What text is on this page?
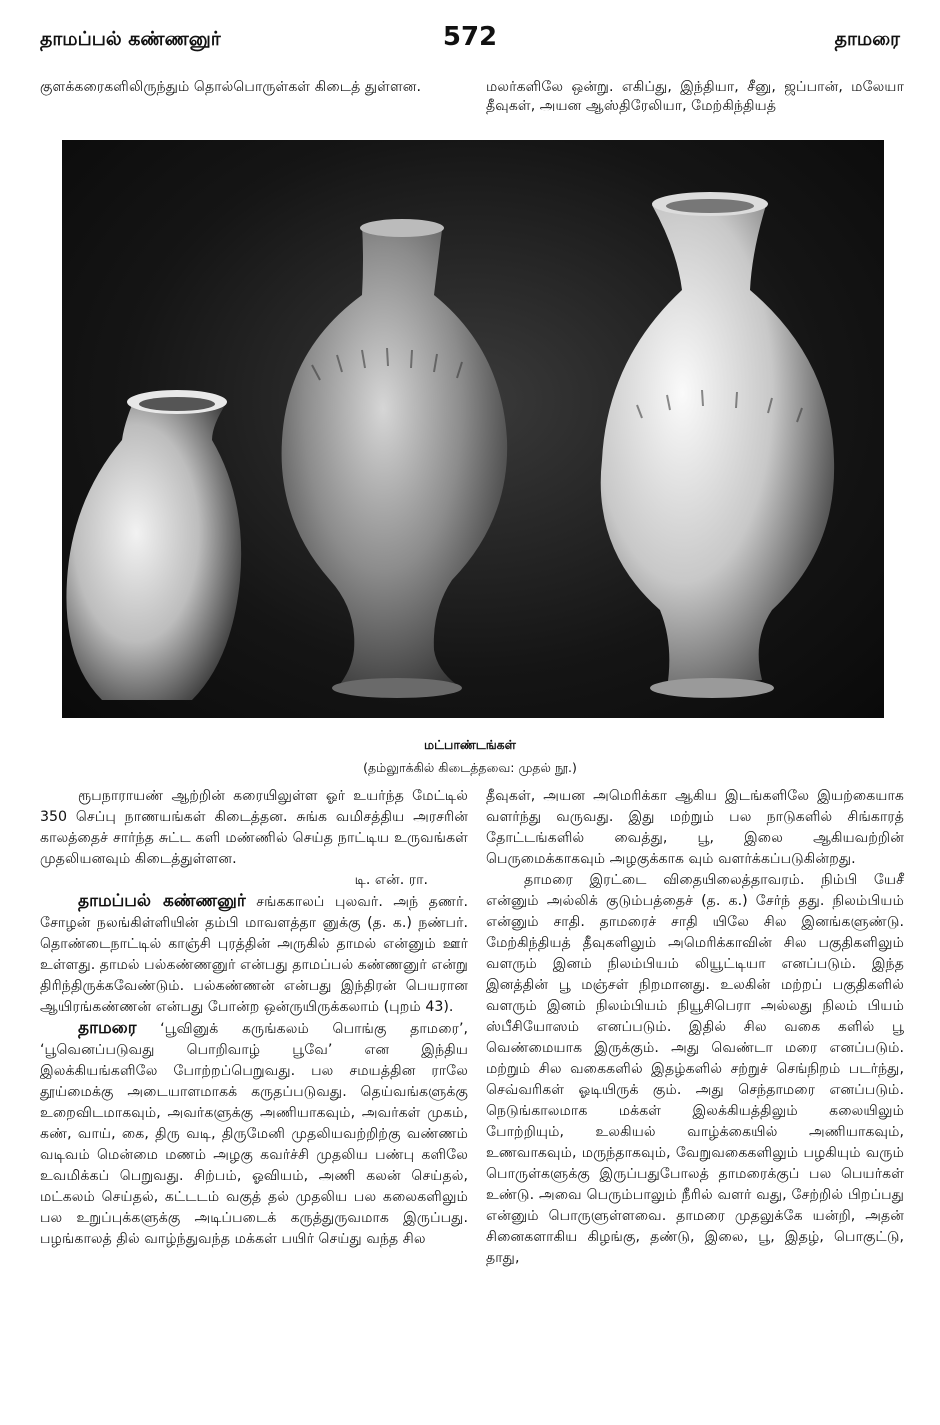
தாமப்பல் கண்ணனுர்	572	தாமரை

குளக்கரைகளிலிருந்தும் தொல்பொருள்கள் கிடைத் துள்ளன.	மலர்களிலே ஒன்று. எகிப்து, இந்தியா, சீனு, ஜப்பான், மலேயா தீவுகள், அயன ஆஸ்திரேலியா, மேற்கிந்தியத்

மட்பாண்டங்கள்
(தம்லுாக்கில் கிடைத்தவை: முதல் நூ.)

ரூபநாராயண் ஆற்றின் கரையிலுள்ள ஓர் உயர்ந்த மேட்டில் 350 செப்பு நாணயங்கள் கிடைத்தன. சுங்க வமிசத்திய அரசரின் காலத்தைச் சார்ந்த சுட்ட களி மண்ணில் செய்த நாட்டிய உருவங்கள் முதலியனவும் கிடைத்துள்ளன.

டி. என். ரா.

தாமப்பல் கண்ணனுர் சங்ககாலப் புலவர். அந் தணர். சோழன் நலங்கிள்ளியின் தம்பி மாவளத்தா னுக்கு (த. க.) நண்பர். தொண்டைநாட்டில் காஞ்சி புரத்தின் அருகில் தாமல் என்னும் ஊர் உள்ளது. தாமல் பல்கண்ணனுர் என்பது தாமப்பல் கண்ணனுர் என்று திரிந்திருக்கவேண்டும். பல்கண்ணன் என்பது இந்திரன் பெயரான ஆயிரங்கண்ணன் என்பது போன்ற ஒன்ருயிருக்கலாம் (புறம் 43).

தாமரை ‘பூவினுக் கருங்கலம் பொங்கு தாமரை’, ‘பூவெனப்படுவது பொறிவாழ் பூவே’ என இந்திய இலக்கியங்களிலே போற்றப்பெறுவது. பல சமயத்தின ராலே தூய்மைக்கு அடையாளமாகக் கருதப்படுவது. தெய்வங்களுக்கு உறைவிடமாகவும், அவர்களுக்கு அணியாகவும், அவர்கள் முகம், கண், வாய், கை, திரு வடி, திருமேனி முதலியவற்றிற்கு வண்ணம் வடிவம் மென்மை மணம் அழகு கவர்ச்சி முதலிய பண்பு களிலே உவமிக்கப் பெறுவது. சிற்பம், ஓவியம், அணி கலன் செய்தல், மட்கலம் செய்தல், கட்டடம் வகுத் தல் முதலிய பல கலைகளிலும் பல உறுப்புக்களுக்கு அடிப்படைக் கருத்துருவமாக இருப்பது. பழங்காலத் தில் வாழ்ந்துவந்த மக்கள் பயிர் செய்து வந்த சில

தீவுகள், அயன அமெரிக்கா ஆகிய இடங்களிலே இயற்கையாக வளர்ந்து வருவது. இது மற்றும் பல நாடுகளில் சிங்காரத் தோட்டங்களில் வைத்து, பூ, இலை ஆகியவற்றின் பெருமைக்காகவும் அழகுக்காக வும் வளர்க்கப்படுகின்றது.

தாமரை இரட்டை விதையிலைத்தாவரம். நிம்பி யேசீ என்னும் அல்லிக் குடும்பத்தைச் (த. க.) சேர்ந் தது. நிலம்பியம் என்னும் சாதி. தாமரைச் சாதி யிலே சில இனங்களுண்டு. மேற்கிந்தியத் தீவுகளிலும் அமெரிக்காவின் சில பகுதிகளிலும் வளரும் இனம் நிலம்பியம் லியூட்டியா எனப்படும். இந்த இனத்தின் பூ மஞ்சள் நிறமானது. உலகின் மற்றப் பகுதிகளில் வளரும் இனம் நிலம்பியம் நியூசிபெரா அல்லது நிலம் பியம் ஸ்பீசியோஸம் எனப்படும். இதில் சில வகை களில் பூ வெண்மையாக இருக்கும். அது வெண்டா மரை எனப்படும். மற்றும் சில வகைகளில் இதழ்களில் சற்றுச் செங்நிறம் படர்ந்து, செவ்வரிகள் ஓடியிருக் கும். அது செந்தாமரை எனப்படும். நெடுங்காலமாக மக்கள் இலக்கியத்திலும் கலையிலும் போற்றியும், உலகியல் வாழ்க்கையில் அணியாகவும், உணவாகவும், மருந்தாகவும், வேறுவகைகளிலும் பழகியும் வரும் பொருள்களுக்கு இருப்பதுபோலத் தாமரைக்குப் பல பெயர்கள் உண்டு. அவை பெரும்பாலும் நீரில் வளர் வது, சேற்றில் பிறப்பது என்னும் பொருளுள்ளவை. தாமரை முதலுக்கே யன்றி, அதன் சினைகளாகிய கிழங்கு, தண்டு, இலை, பூ, இதழ், பொகுட்டு, தாது,
